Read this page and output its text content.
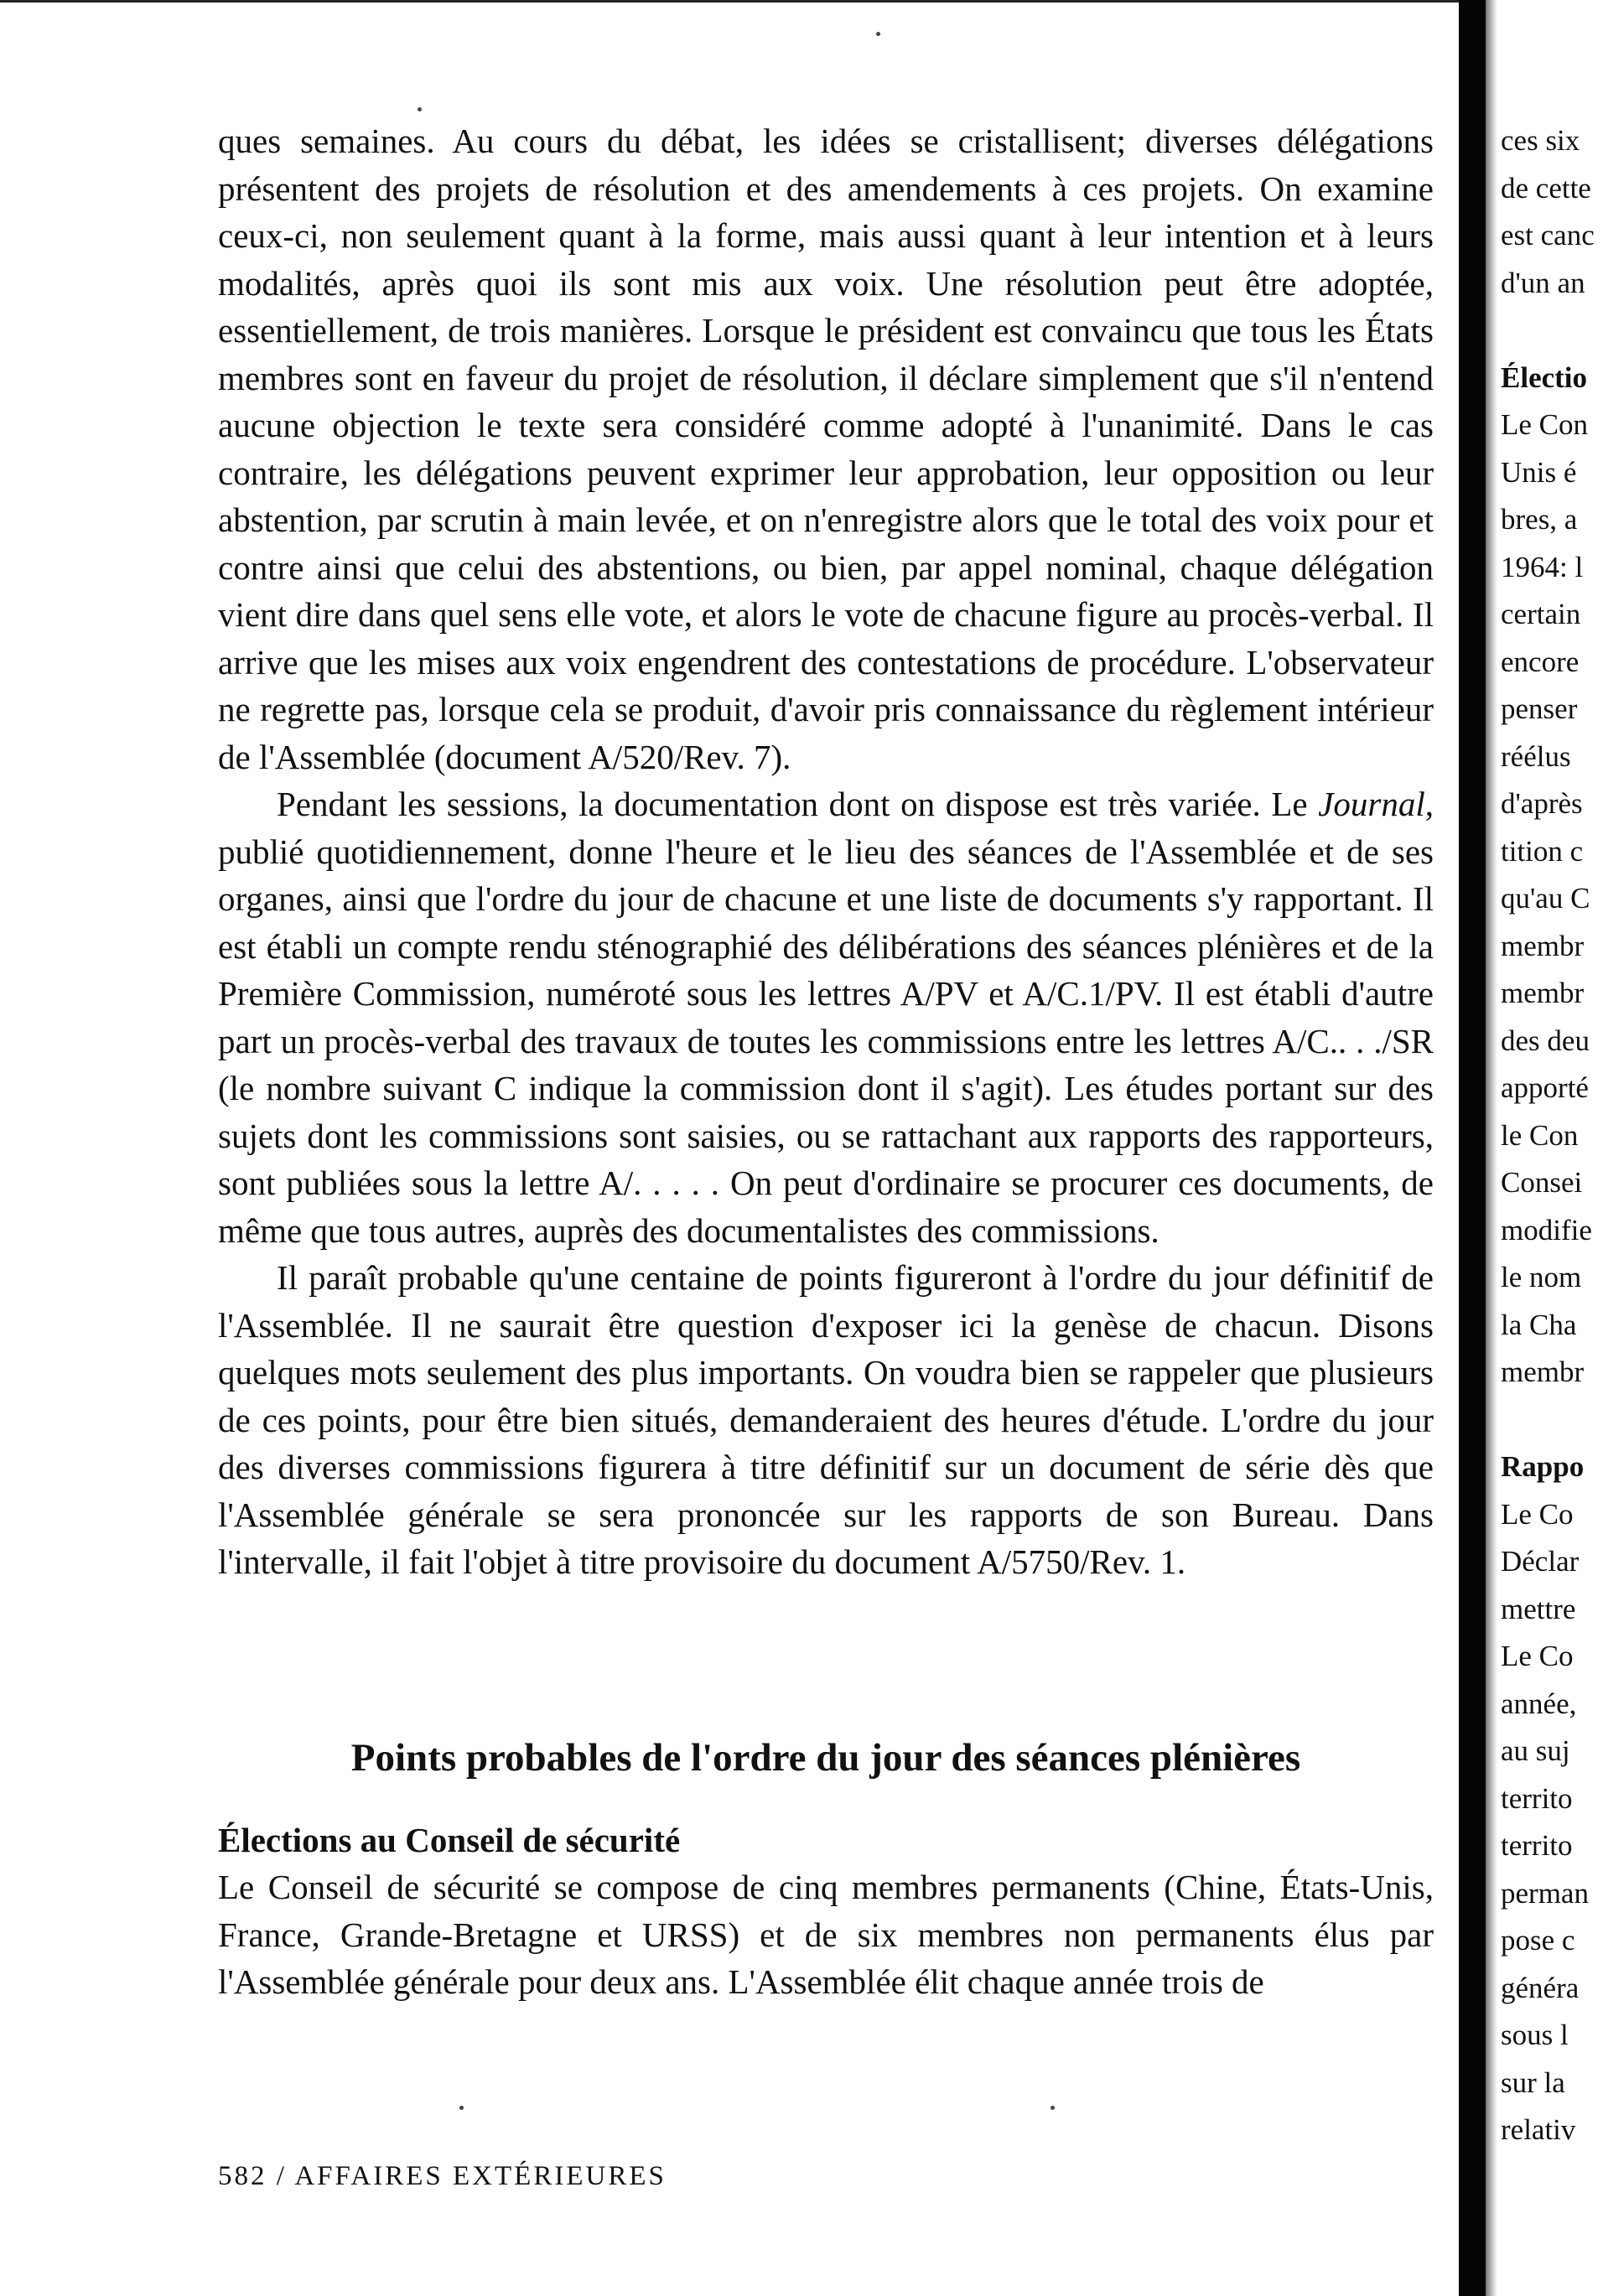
ques semaines. Au cours du débat, les idées se cristallisent; diverses délégations présentent des projets de résolution et des amendements à ces projets. On examine ceux-ci, non seulement quant à la forme, mais aussi quant à leur intention et à leurs modalités, après quoi ils sont mis aux voix. Une résolution peut être adoptée, essentiellement, de trois manières. Lorsque le président est convaincu que tous les États membres sont en faveur du projet de résolution, il déclare simplement que s'il n'entend aucune objection le texte sera considéré comme adopté à l'unanimité. Dans le cas contraire, les délégations peuvent exprimer leur approbation, leur opposition ou leur abstention, par scrutin à main levée, et on n'enregistre alors que le total des voix pour et contre ainsi que celui des abstentions, ou bien, par appel nominal, chaque délégation vient dire dans quel sens elle vote, et alors le vote de chacune figure au procès-verbal. Il arrive que les mises aux voix engendrent des contestations de procédure. L'observateur ne regrette pas, lorsque cela se produit, d'avoir pris connaissance du règlement intérieur de l'Assemblée (document A/520/Rev. 7).

Pendant les sessions, la documentation dont on dispose est très variée. Le Journal, publié quotidiennement, donne l'heure et le lieu des séances de l'Assemblée et de ses organes, ainsi que l'ordre du jour de chacune et une liste de documents s'y rapportant. Il est établi un compte rendu sténographié des délibérations des séances plénières et de la Première Commission, numéroté sous les lettres A/PV et A/C.1/PV. Il est établi d'autre part un procès-verbal des travaux de toutes les commissions entre les lettres A/C.. . ./SR (le nombre suivant C indique la commission dont il s'agit). Les études portant sur des sujets dont les commissions sont saisies, ou se rattachant aux rapports des rapporteurs, sont publiées sous la lettre A/. . . . . On peut d'ordinaire se procurer ces documents, de même que tous autres, auprès des documentalistes des commissions.

Il paraît probable qu'une centaine de points figureront à l'ordre du jour définitif de l'Assemblée. Il ne saurait être question d'exposer ici la genèse de chacun. Disons quelques mots seulement des plus importants. On voudra bien se rappeler que plusieurs de ces points, pour être bien situés, demanderaient des heures d'étude. L'ordre du jour des diverses commissions figurera à titre définitif sur un document de série dès que l'Assemblée générale se sera prononcée sur les rapports de son Bureau. Dans l'intervalle, il fait l'objet à titre provisoire du document A/5750/Rev. 1.

Points probables de l'ordre du jour des séances plénières
Élections au Conseil de sécurité

Le Conseil de sécurité se compose de cinq membres permanents (Chine, États-Unis, France, Grande-Bretagne et URSS) et de six membres non permanents élus par l'Assemblée générale pour deux ans. L'Assemblée élit chaque année trois de

582 / AFFAIRES EXTÉRIEURES
ces six
de cette
est canc
d'un an
Électio
Le Con
Unis é
bres, a
1964: l
certain
encore
penser
réélus
d'après
tition c
qu'au C
membr
membr
des deu
apporté
le Con
Consei
modifie
le nom
la Cha
membr
Rappo
Le Co
Déclar
mettre
Le Co
année,
au suj
territo
territo
perman
pose c
généra
sous l
sur la
relativ
